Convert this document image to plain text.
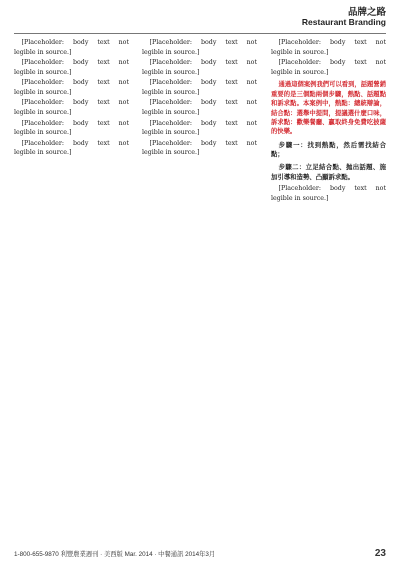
品牌之路
Restaurant Branding

[Placeholder: body text not legible in source.]

[Placeholder: body text not legible in source.]

[Placeholder: body text not legible in source.]

[Placeholder: body text not legible in source.]

[Placeholder: body text not legible in source.]

[Placeholder: body text not legible in source.]

[Placeholder: body text not legible in source.]

[Placeholder: body text not legible in source.]

[Placeholder: body text not legible in source.]

[Placeholder: body text not legible in source.]

[Placeholder: body text not legible in source.]

[Placeholder: body text not legible in source.]

[Placeholder: body text not legible in source.]

[Placeholder: body text not legible in source.]

通過這個案例我們可以看到，話題營銷重要的是三個點兩個步驟，熱點、話題點和訴求點。本案例中，熱點：總統辯論，結合點：選舉中提問，提議選什麼口味，訴求點：歡樂餐廳、贏取終身免費吃披薩的快樂。
步驟一：找到熱點，然后需找結合點；
步驟二：立足結合點、抛出話題、施加引導和造勢、凸顯訴求點。

[Placeholder: body text not legible in source.]

1-800-655-9870 利豐農業週刊 · 美西版 Mar. 2014 · 中餐通訊 2014年3月	23
